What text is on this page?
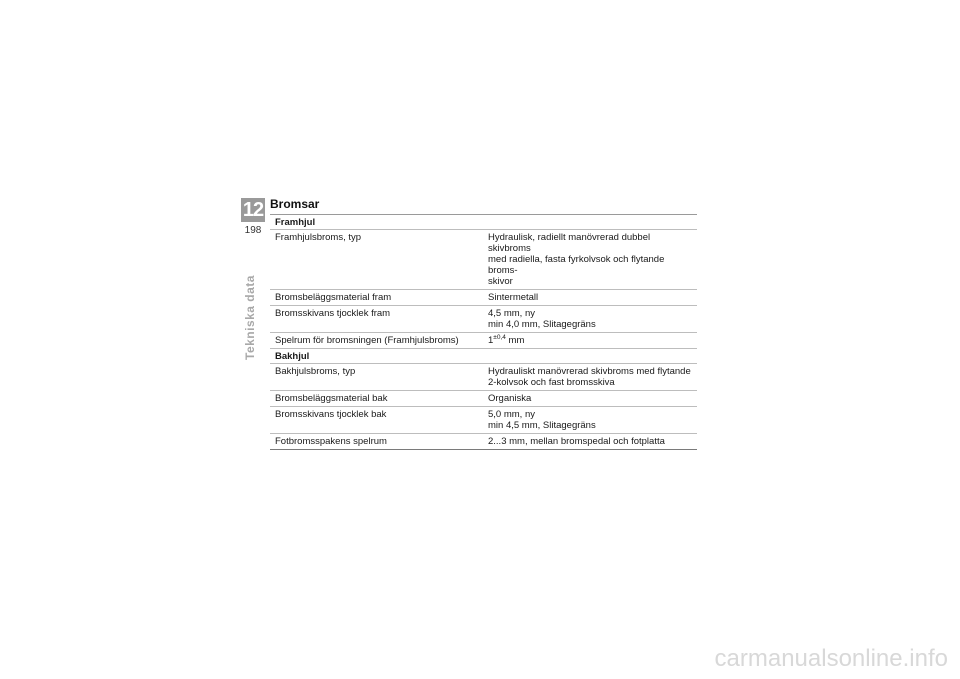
12
198
Tekniska data
Bromsar
Framhjul
Framhjulsbroms, typ	Hydraulisk, radiellt manövrerad dubbel skivbroms
med radiella, fasta fyrkolvsok och flytande broms-
skivor
Bromsbeläggsmaterial fram	Sintermetall
Bromsskivans tjocklek fram	4,5 mm, ny
min 4,0 mm, Slitagegräns
Spelrum för bromsningen (Framhjulsbroms)	$1^{\pm 0,4}$ mm
Bakhjul
Bakhjulsbroms, typ	Hydrauliskt manövrerad skivbroms med flytande
2-kolvsok och fast bromsskiva
Bromsbeläggsmaterial bak	Organiska
Bromsskivans tjocklek bak	5,0 mm, ny
min 4,5 mm, Slitagegräns
Fotbromsspakens spelrum	2...3 mm, mellan bromspedal och fotplatta
carmanualsonline.info
